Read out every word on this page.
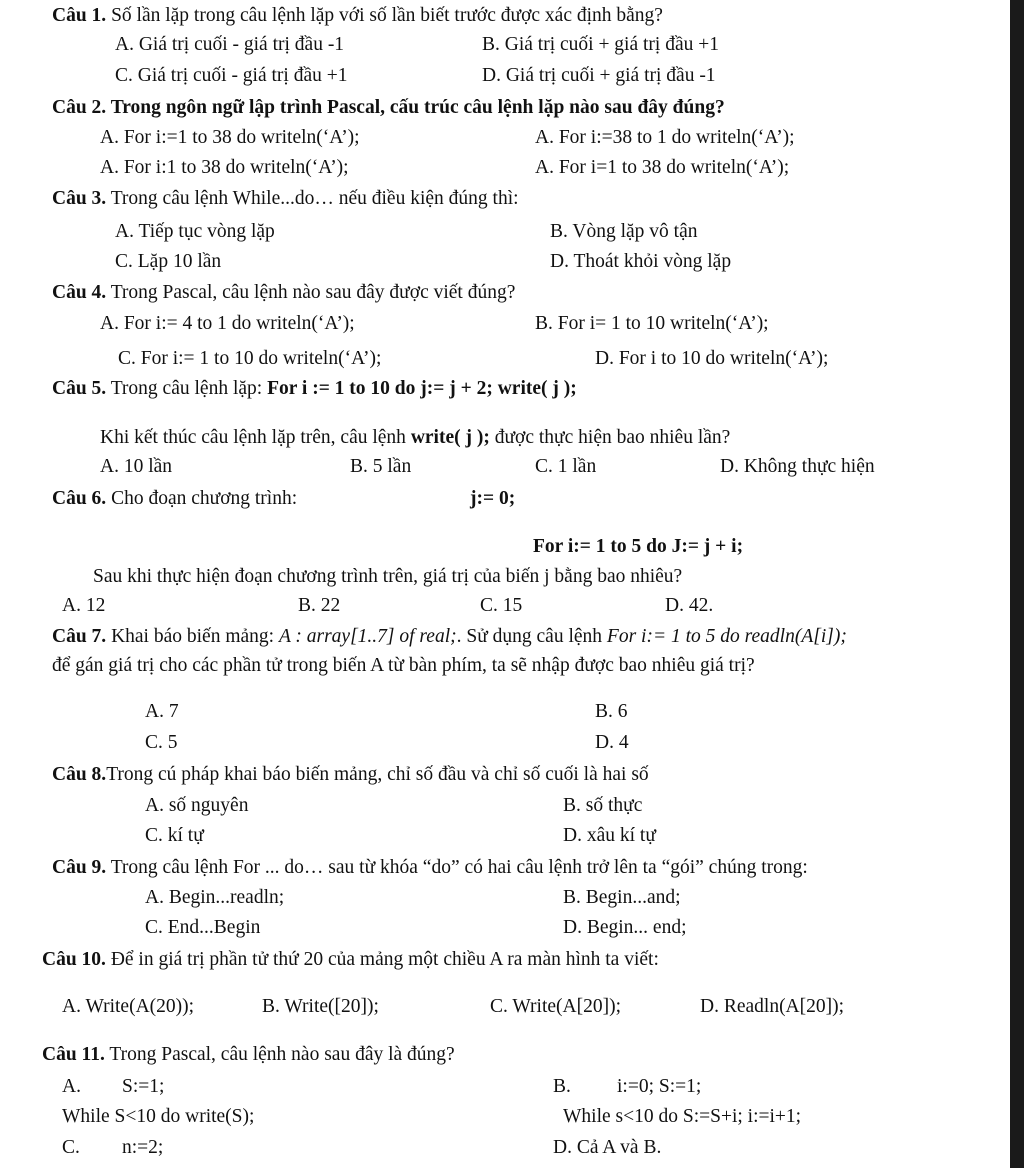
Câu 1. Số lần lặp trong câu lệnh lặp với số lần biết trước được xác định bằng?
A. Giá trị cuối - giá trị đầu -1	B. Giá trị cuối + giá trị đầu +1
C. Giá trị cuối - giá trị đầu +1	D. Giá trị cuối + giá trị đầu -1
Câu 2. Trong ngôn ngữ lập trình Pascal, cấu trúc câu lệnh lặp nào sau đây đúng?
A. For i:=1 to 38 do writeln(‘A’);	A. For i:=38 to 1 do writeln(‘A’);
A. For i:1 to 38 do writeln(‘A’);	A. For i=1 to 38 do writeln(‘A’);
Câu 3. Trong câu lệnh While...do… nếu điều kiện đúng thì:
A. Tiếp tục vòng lặp	B. Vòng lặp vô tận
C. Lặp 10 lần	D. Thoát khỏi vòng lặp
Câu 4. Trong Pascal, câu lệnh nào sau đây được viết đúng?
A. For i:= 4 to 1 do writeln(‘A’);	B. For i= 1 to 10 writeln(‘A’);
C. For i:= 1 to 10 do writeln(‘A’);	D. For i to 10 do writeln(‘A’);
Câu 5. Trong câu lệnh lặp: For i := 1 to 10 do j:= j + 2; write( j );
Khi kết thúc câu lệnh lặp trên, câu lệnh write( j ); được thực hiện bao nhiêu lần?
A. 10 lần	B. 5 lần	C. 1 lần	D. Không thực hiện
Câu 6. Cho đoạn chương trình:	j:= 0;
For i:= 1 to 5 do J:= j + i;
Sau khi thực hiện đoạn chương trình trên, giá trị của biến j bằng bao nhiêu?
A. 12	B. 22	C. 15	D. 42.
Câu 7. Khai báo biến mảng: A : array[1..7] of real;. Sử dụng câu lệnh For i:= 1 to 5 do readln(A[i]);
để gán giá trị cho các phần tử trong biến A từ bàn phím, ta sẽ nhập được bao nhiêu giá trị?
A. 7	B. 6
C. 5	D. 4
Câu 8.Trong cú pháp khai báo biến mảng, chỉ số đầu và chỉ số cuối là hai số
A. số nguyên	B. số thực
C. kí tự	D. xâu kí tự
Câu 9. Trong câu lệnh For ... do… sau từ khóa “do” có hai câu lệnh trở lên ta “gói” chúng trong:
A. Begin...readln;	B. Begin...and;
C. End...Begin	D. Begin... end;
Câu 10. Để in giá trị phần tử thứ 20 của mảng một chiều A ra màn hình ta viết:
A. Write(A(20));	B. Write([20]);	C. Write(A[20]);	D. Readln(A[20]);
Câu 11. Trong Pascal, câu lệnh nào sau đây là đúng?
A. S:=1;	B. i:=0; S:=1;
While S<10 do write(S);	While s<10 do S:=S+i; i:=i+1;
C. n:=2;	D. Cả A và B.
